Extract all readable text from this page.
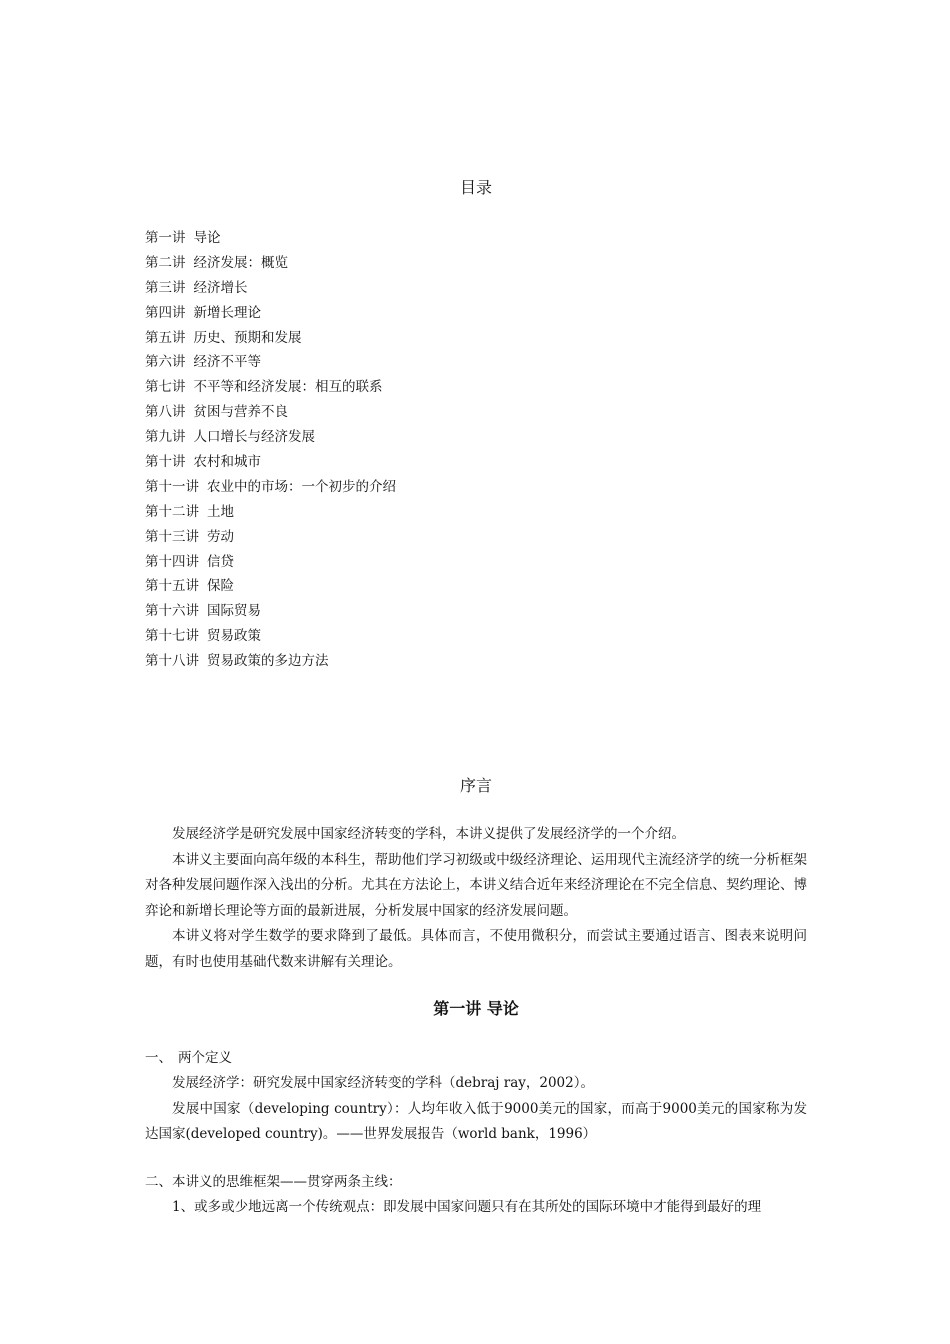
目录
第一讲 导论
第二讲 经济发展：概览
第三讲 经济增长
第四讲 新增长理论
第五讲 历史、预期和发展
第六讲 经济不平等
第七讲 不平等和经济发展：相互的联系
第八讲 贫困与营养不良
第九讲 人口增长与经济发展
第十讲 农村和城市
第十一讲 农业中的市场：一个初步的介绍
第十二讲 土地
第十三讲 劳动
第十四讲 信贷
第十五讲 保险
第十六讲 国际贸易
第十七讲 贸易政策
第十八讲 贸易政策的多边方法
序言

发展经济学是研究发展中国家经济转变的学科，本讲义提供了发展经济学的一个介绍。

本讲义主要面向高年级的本科生，帮助他们学习初级或中级经济理论、运用现代主流经济学的统一分析框架对各种发展问题作深入浅出的分析。尤其在方法论上，本讲义结合近年来经济理论在不完全信息、契约理论、博弈论和新增长理论等方面的最新进展，分析发展中国家的经济发展问题。

本讲义将对学生数学的要求降到了最低。具体而言，不使用微积分，而尝试主要通过语言、图表来说明问题，有时也使用基础代数来讲解有关理论。

第一讲 导论

一、 两个定义

发展经济学：研究发展中国家经济转变的学科（debraj ray，2002）。

发展中国家（developing country）：人均年收入低于9000美元的国家，而高于9000美元的国家称为发达国家(developed country)。——世界发展报告（world bank，1996）

二、本讲义的思维框架——贯穿两条主线：

1、或多或少地远离一个传统观点：即发展中国家问题只有在其所处的国际环境中才能得到最好的理
